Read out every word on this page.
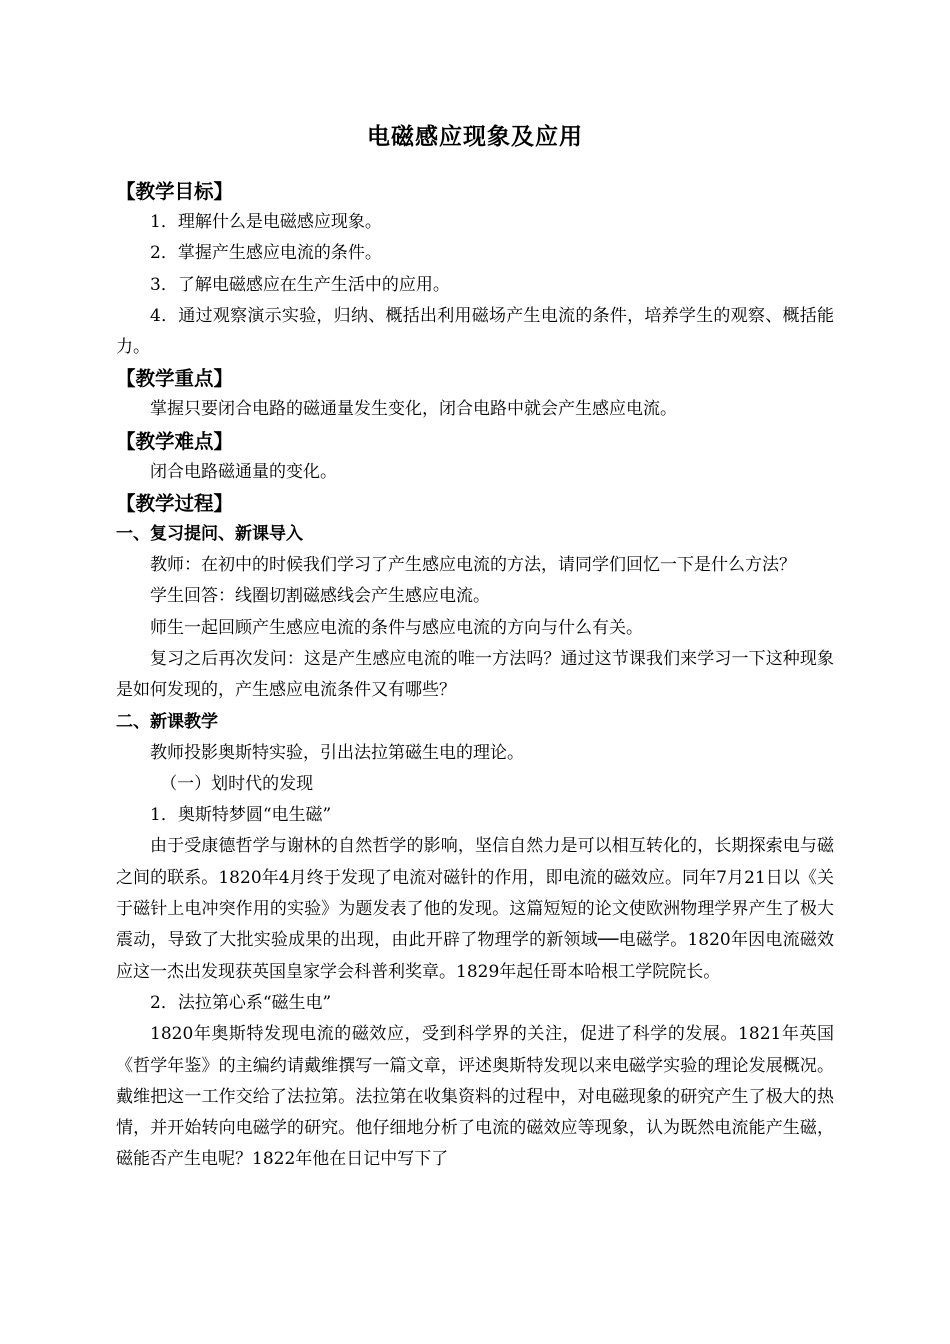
电磁感应现象及应用
【教学目标】
1．理解什么是电磁感应现象。
2．掌握产生感应电流的条件。
3．了解电磁感应在生产生活中的应用。
4．通过观察演示实验，归纳、概括出利用磁场产生电流的条件，培养学生的观察、概括能力。
【教学重点】
掌握只要闭合电路的磁通量发生变化，闭合电路中就会产生感应电流。
【教学难点】
闭合电路磁通量的变化。
【教学过程】
一、复习提问、新课导入
教师：在初中的时候我们学习了产生感应电流的方法，请同学们回忆一下是什么方法？
学生回答：线圈切割磁感线会产生感应电流。
师生一起回顾产生感应电流的条件与感应电流的方向与什么有关。
复习之后再次发问：这是产生感应电流的唯一方法吗？通过这节课我们来学习一下这种现象是如何发现的，产生感应电流条件又有哪些？
二、新课教学
教师投影奥斯特实验，引出法拉第磁生电的理论。
（一）划时代的发现
1．奥斯特梦圆“电生磁”
由于受康德哲学与谢林的自然哲学的影响，坚信自然力是可以相互转化的，长期探索电与磁之间的联系。1820年4月终于发现了电流对磁针的作用，即电流的磁效应。同年7月21日以《关于磁针上电冲突作用的实验》为题发表了他的发现。这篇短短的论文使欧洲物理学界产生了极大震动，导致了大批实验成果的出现，由此开辟了物理学的新领域──电磁学。1820年因电流磁效应这一杰出发现获英国皇家学会科普利奖章。1829年起任哥本哈根工学院院长。
2．法拉第心系“磁生电”
1820年奥斯特发现电流的磁效应，受到科学界的关注，促进了科学的发展。1821年英国《哲学年鉴》的主编约请戴维撰写一篇文章，评述奥斯特发现以来电磁学实验的理论发展概况。戴维把这一工作交给了法拉第。法拉第在收集资料的过程中，对电磁现象的研究产生了极大的热情，并开始转向电磁学的研究。他仔细地分析了电流的磁效应等现象，认为既然电流能产生磁，磁能否产生电呢？1822年他在日记中写下了
